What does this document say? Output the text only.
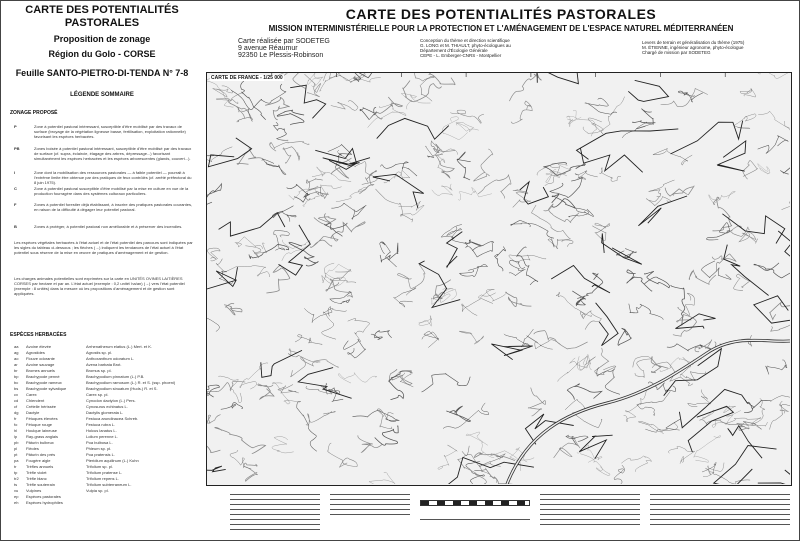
CARTE DES POTENTIALITÉS
PASTORALES
Proposition de zonage
Région du Golo - CORSE
Feuille SANTO-PIETRO-DI-TENDA N° 7-8
LÉGENDE SOMMAIRE
ZONAGE PROPOSÉ
P	Zone à potentiel pastoral intéressant, susceptible d'être mobilisé par des travaux de surface (broyage de la végétation ligneuse basse, fertilisation, exploitation rationnelle) favorisant les espèces herbacées.
PB	Zones boisée à potentiel pastoral intéressant, susceptible d'être mobilisé par des travaux de surface (cf. supra, éclaircie, élagage des arbres, dépressage...) favorisant simultanément les espèces herbacées et les espèces arborescentes (glands, couvert...).
I	Zone dont la mobilisation des ressources pastorales — à faible potentiel — pourrait à l'extrême limite être obtenue par des pratiques de feux contrôlés (cf. arrêté préfectoral du 8 juin 1975).
C	Zone à potentiel pastoral susceptible d'être mobilisé par la mise en culture en vue de la production fourragère dans des systèmes culturaux particuliers.
F	Zones à potentiel forestier déjà établissant, à inscrire des pratiques pastorales courantes, en raison de la difficulté à dégager leur potentiel pastoral.
B	Zones à protéger, à potentiel pastoral non améliorable et à préserver des incendies.
Les espèces végétales herbacées à l'état actuel et de l'état potentiel des parcours sont indiquées par les sigles du tableau ci-dessous ; les flèches (→) indiquent les tendances de l'état actuel à l'état potentiel sous réserve de la mise en œuvre de pratiques d'aménagement et de gestion.
Les charges animales potentielles sont exprimées sur la carte en UNITÉS OVINES LAITIÈRES CORSES par hectare et par an. L'état actuel (exemple : 0,2 unité/ ha/an) (→) vers l'état potentiel (exemple : 8 unités) dans la mesure où les propositions d'aménagement et de gestion sont appliquées.
ESPÈCES HERBACÉES
aa	Avoine élevée	Arrhenatherum elatius (L.) Mert. et K.
ag	Agrostides	Agrostis sp. pl.
ao	Flouve odorante	Anthoxanthum odoratum L.
ar	Avoine sauvage	Avena barbata Brot.
br	Bromes annuels	Bromus sp. pl.
bp	Brachypode penné	Brachypodium pinnatum (L.) P.B.
bc	Brachypode rameux	Brachypodium ramosum (L.) R. et S. (ssp. phoeni)
bs	Brachypode sylvatique	Brachypodium sinuatum (Huds.) R. et S.
cx	Carex	Carex sp. pl.
cd	Chiendent	Cynodon dactylon (L.) Pers.
cf	Crételle hérissée	Cynosurus echinatus L.
dg	Dactyle	Dactylis glomerata L.
fr	Fétuques élevées	Festuca arundinacea Schreb.
fo	Fétuque rouge	Festuca rubra L.
hl	Houlque laineuse	Holcus lanatus L.
lp	Ray-grass anglais	Lolium perenne L.
pb	Pâturin bulbeux	Poa bulbosa L.
pl	Fléoles	Phleum sp. pl.
pt	Pâturin des prés	Poa pratensis L.
pa	Fougère aigle	Pteridium aquilinum (L.) Kuhn
tr	Trèfles annuels	Trifolium sp. pl.
tp	Trèfle violet	Trifolium pratense L.
tr2	Trèfle blanc	Trifolium repens L.
ts	Trèfle souterrain	Trifolium subterraneum L.
vu	Vulpines	Vulpia sp. pl.
ep	Espèces pastorales
eh	Espèces hydrophiles
CARTE DES POTENTIALITÉS PASTORALES
MISSION INTERMINISTÉRIELLE POUR LA PROTECTION ET L'AMÉNAGEMENT DE L'ESPACE NATUREL MÉDITERRANÉEN
Carte réalisée par SODETEG
9 avenue Réaumur
92350 Le Plessis-Robinson
Conception du thème et direction scientifique
G. LONG et M. THIAULT, phyto-écologues au
Département d'Écologie Générale
CEPE - L. Emberger-CNRS - Montpellier
Levers de terrain et généralisation du thème (1975)
M. ÉTIENNE, ingénieur agronome, phyto-écologue
Chargé de mission par SODETEG
CARTE DE FRANCE - 1/25 000
